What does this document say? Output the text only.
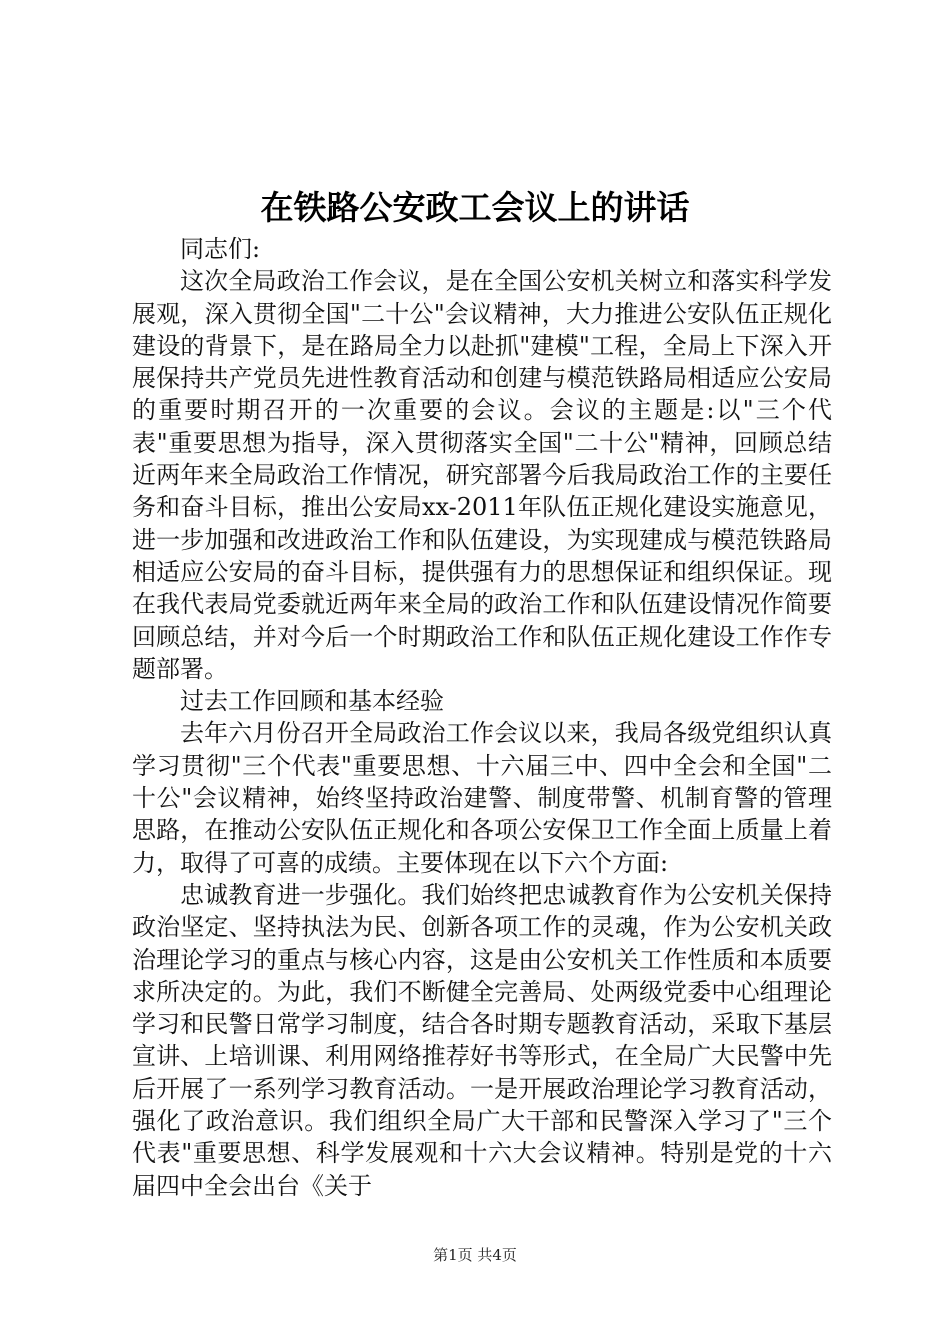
在铁路公安政工会议上的讲话

同志们:

这次全局政治工作会议，是在全国公安机关树立和落实科学发展观，深入贯彻全国"二十公"会议精神，大力推进公安队伍正规化建设的背景下，是在路局全力以赴抓"建模"工程，全局上下深入开展保持共产党员先进性教育活动和创建与模范铁路局相适应公安局的重要时期召开的一次重要的会议。会议的主题是:以"三个代表"重要思想为指导，深入贯彻落实全国"二十公"精神，回顾总结近两年来全局政治工作情况，研究部署今后我局政治工作的主要任务和奋斗目标，推出公安局xx-2011年队伍正规化建设实施意见，进一步加强和改进政治工作和队伍建设，为实现建成与模范铁路局相适应公安局的奋斗目标，提供强有力的思想保证和组织保证。现在我代表局党委就近两年来全局的政治工作和队伍建设情况作简要回顾总结，并对今后一个时期政治工作和队伍正规化建设工作作专题部署。

过去工作回顾和基本经验

去年六月份召开全局政治工作会议以来，我局各级党组织认真学习贯彻"三个代表"重要思想、十六届三中、四中全会和全国"二十公"会议精神，始终坚持政治建警、制度带警、机制育警的管理思路，在推动公安队伍正规化和各项公安保卫工作全面上质量上着力，取得了可喜的成绩。主要体现在以下六个方面:

忠诚教育进一步强化。我们始终把忠诚教育作为公安机关保持政治坚定、坚持执法为民、创新各项工作的灵魂，作为公安机关政治理论学习的重点与核心内容，这是由公安机关工作性质和本质要求所决定的。为此，我们不断健全完善局、处两级党委中心组理论学习和民警日常学习制度，结合各时期专题教育活动，采取下基层宣讲、上培训课、利用网络推荐好书等形式，在全局广大民警中先后开展了一系列学习教育活动。一是开展政治理论学习教育活动，强化了政治意识。我们组织全局广大干部和民警深入学习了"三个代表"重要思想、科学发展观和十六大会议精神。特别是党的十六届四中全会出台《关于

第1页 共4页
